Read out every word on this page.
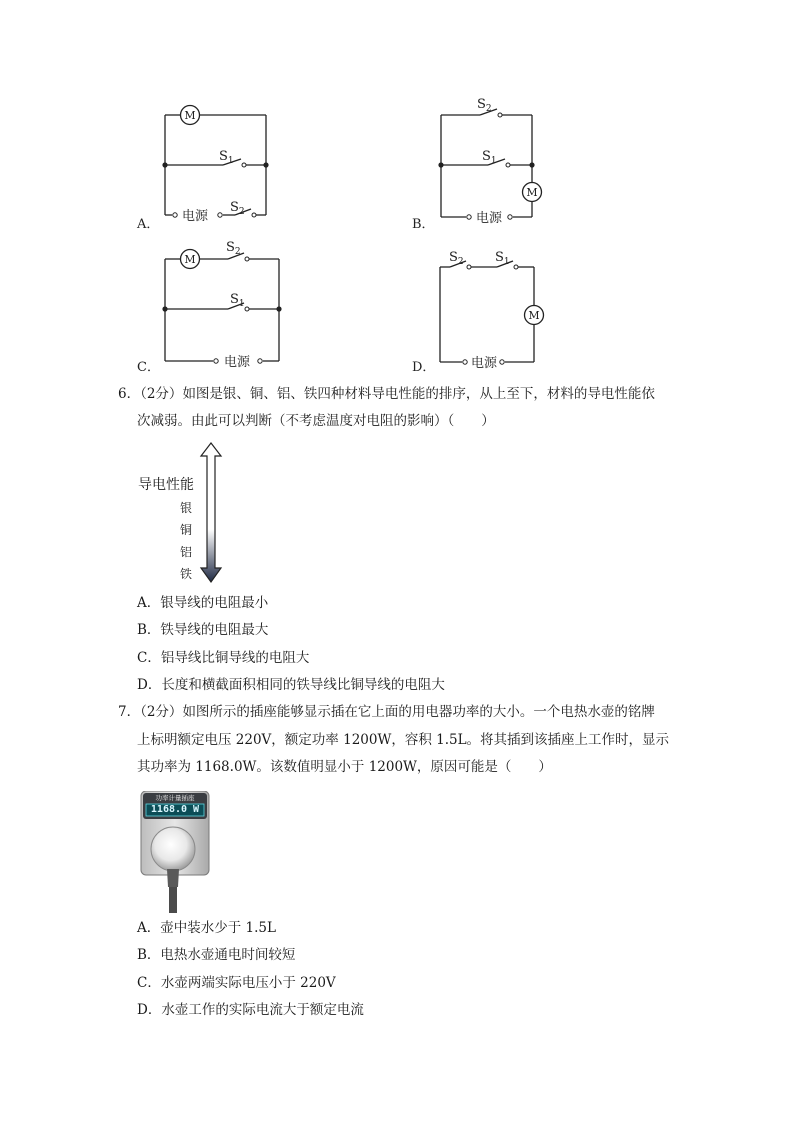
M
M
M
M
电源	电源
电源	电源
$S_1$
$S_2$
$S_2$
$S_1$
$S_2$
$S_1$
$S_2$ $S_1$
A．	B．
C．	D．
6．（2分）如图是银、铜、铝、铁四种材料导电性能的排序，从上至下，材料的导电性能依
次减弱。由此可以判断（不考虑温度对电阻的影响）（　　）
导电性能
银
铜
铝
铁
A．银导线的电阻最小
B．铁导线的电阻最大
C．铝导线比铜导线的电阻大
D．长度和横截面积相同的铁导线比铜导线的电阻大
7．（2分）如图所示的插座能够显示插在它上面的用电器功率的大小。一个电热水壶的铭牌
上标明额定电压 220V，额定功率 1200W，容积 1.5L。将其插到该插座上工作时，显示
其功率为 1168.0W。该数值明显小于 1200W，原因可能是（　　）
功率计量插座
1168.0 W
A．壶中装水少于 1.5L
B．电热水壶通电时间较短
C．水壶两端实际电压小于 220V
D．水壶工作的实际电流大于额定电流
